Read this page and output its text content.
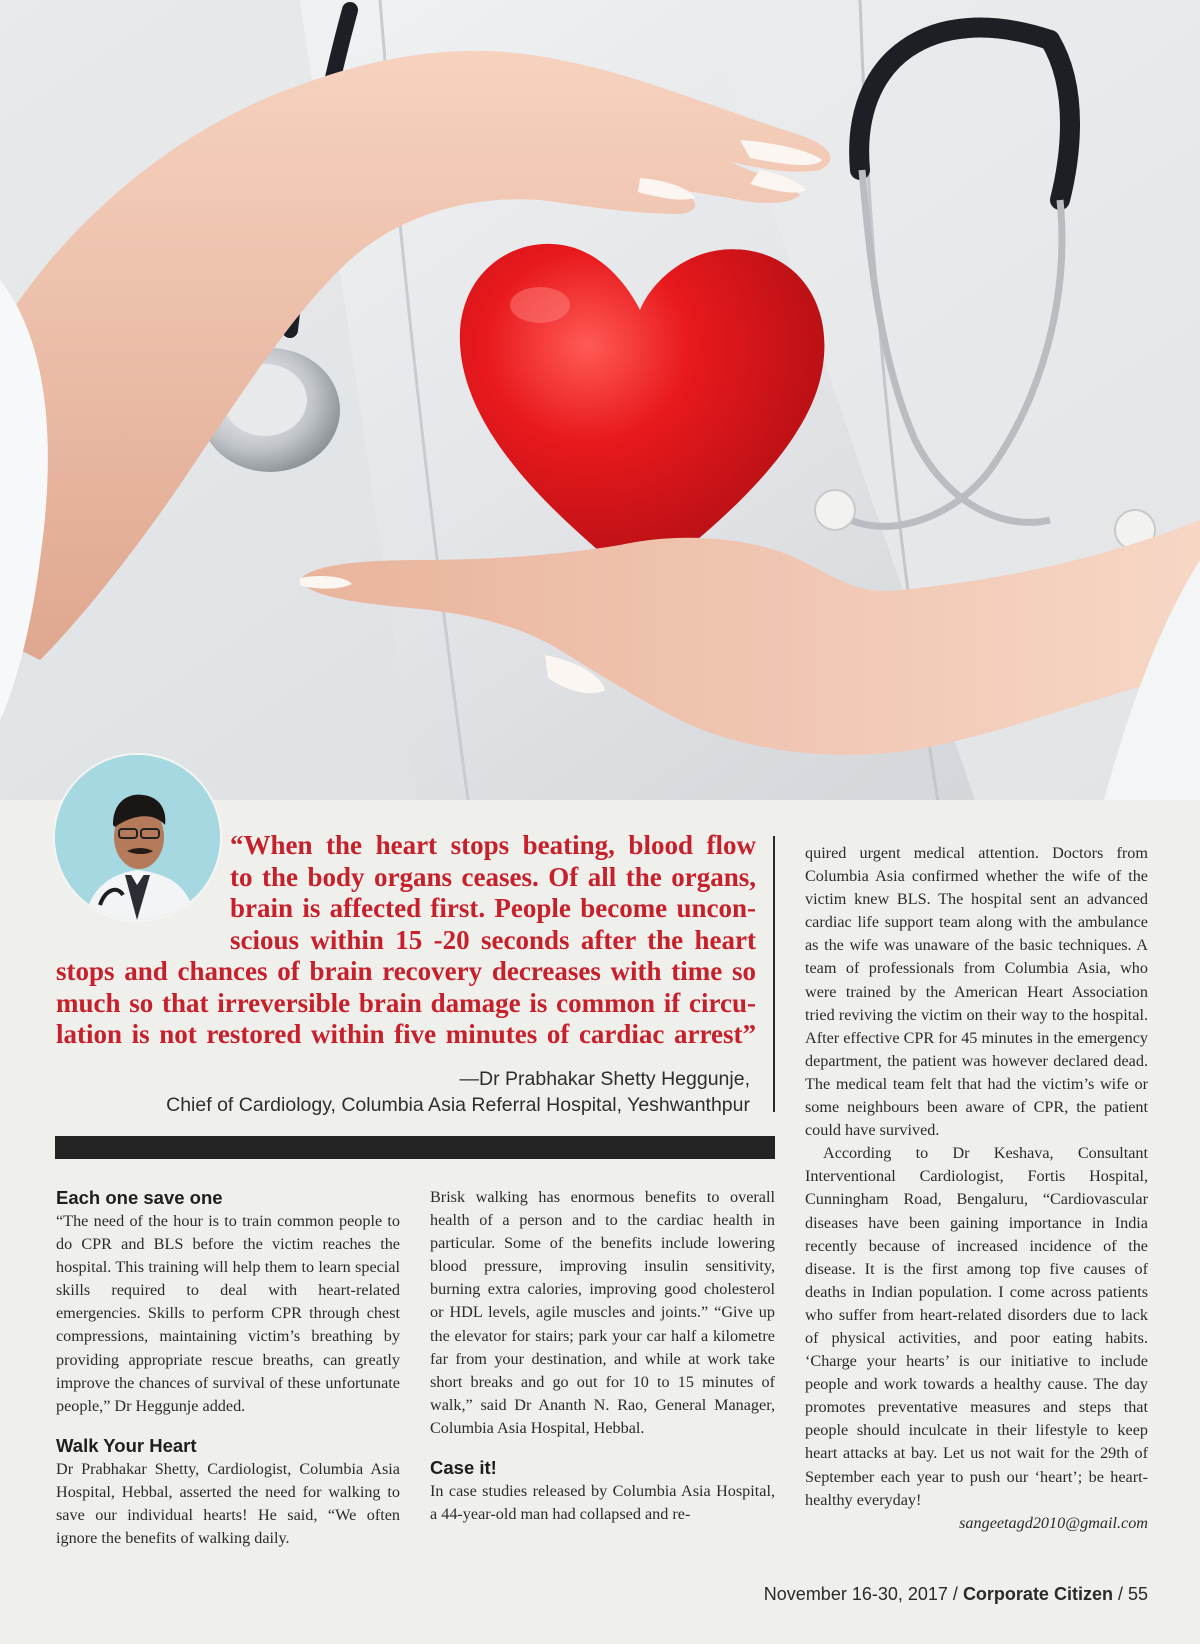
“When the heart stops beating, blood flow
to the body organs ceases. Of all the organs,
brain is affected first. People become uncon-
scious within 15 -20 seconds after the heart
stops and chances of brain recovery decreases with time so
much so that irreversible brain damage is common if circu-
lation is not restored within five minutes of cardiac arrest”
—Dr Prabhakar Shetty Heggunje,
Chief of Cardiology, Columbia Asia Referral Hospital, Yeshwanthpur
Each one save one

“The need of the hour is to train common people to do CPR and BLS before the victim reaches the hospital. This training will help them to learn special skills required to deal with heart-related emergencies. Skills to perform CPR through chest compressions, maintaining victim’s breathing by providing appropriate rescue breaths, can greatly improve the chances of survival of these unfortunate people,” Dr Heggunje added.

Walk Your Heart

Dr Prabhakar Shetty, Cardiologist, Columbia Asia Hospital, Hebbal, asserted the need for walking to save our individual hearts! He said, “We often ignore the benefits of walking daily.

Brisk walking has enormous benefits to overall health of a person and to the cardiac health in particular. Some of the benefits include lowering blood pressure, improving insulin sensitivity, burning extra calories, improving good cholesterol or HDL levels, agile muscles and joints.” “Give up the elevator for stairs; park your car half a kilometre far from your destination, and while at work take short breaks and go out for 10 to 15 minutes of walk,” said Dr Ananth N. Rao, General Manager, Columbia Asia Hospital, Hebbal.

Case it!

In case studies released by Columbia Asia Hospital, a 44-year-old man had collapsed and re-

quired urgent medical attention. Doctors from Columbia Asia confirmed whether the wife of the victim knew BLS. The hospital sent an advanced cardiac life support team along with the ambulance as the wife was unaware of the basic techniques. A team of professionals from Columbia Asia, who were trained by the American Heart Association tried reviving the victim on their way to the hospital. After effective CPR for 45 minutes in the emergency department, the patient was however declared dead. The medical team felt that had the victim’s wife or some neighbours been aware of CPR, the patient could have survived.

According to Dr Keshava, Consultant Interventional Cardiologist, Fortis Hospital, Cunningham Road, Bengaluru, “Cardiovascular diseases have been gaining importance in India recently because of increased incidence of the disease. It is the first among top five causes of deaths in Indian population. I come across patients who suffer from heart-related disorders due to lack of physical activities, and poor eating habits. ‘Charge your hearts’ is our initiative to include people and work towards a healthy cause. The day promotes preventative measures and steps that people should inculcate in their lifestyle to keep heart attacks at bay. Let us not wait for the 29th of September each year to push our ‘heart’; be heart-healthy everyday!

sangeetagd2010@gmail.com
November 16-30, 2017 / Corporate Citizen / 55
